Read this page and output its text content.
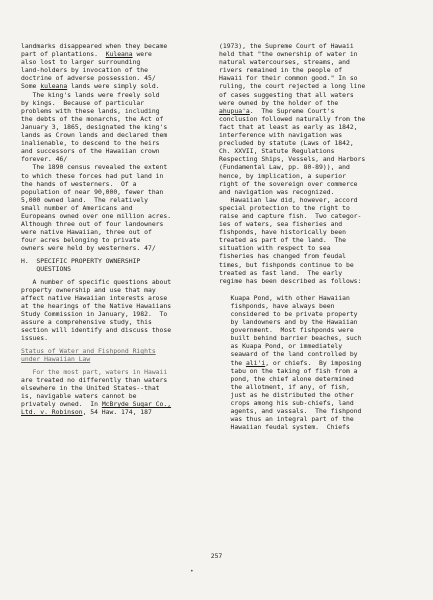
landmarks disappeared when they became
part of plantations.  Kuleana were
also lost to larger surrounding
land-holders by invocation of the
doctrine of adverse possession. 45/
Some kuleana lands were simply sold.
The king's lands were freely sold
by kings.  Because of particular
problems with these lands, including
the debts of the monarchs, the Act of
January 3, 1865, designated the king's
lands as Crown lands and declared them
inalienable, to descend to the heirs
and successors of the Hawaiian crown
forever. 46/
The 1890 census revealed the extent
to which these forces had put land in
the hands of westerners.  Of a
population of near 90,000, fewer than
5,000 owned land.  The relatively
small number of Americans and
Europeans owned over one million acres.
Although three out of four landowners
were native Hawaiian, three out of
four acres belonging to private
owners were held by westerners. 47/
H.  SPECIFIC PROPERTY OWNERSHIP
QUESTIONS
A number of specific questions about
property ownership and use that may
affect native Hawaiian interests arose
at the hearings of the Native Hawaiians
Study Commission in January, 1982.  To
assure a comprehensive study, this
section will identify and discuss those
issues.
Status of Water and Fishpond Rights
under Hawaiian Law
For the most part, waters in Hawaii
are treated no differently than waters
elsewhere in the United States--that
is, navigable waters cannot be
privately owned.  In McBryde Sugar Co.,
Ltd. v. Robinson, 54 Haw. 174, 187
(1973), the Supreme Court of Hawaii
held that "the ownership of water in
natural watercourses, streams, and
rivers remained in the people of
Hawaii for their common good." In so
ruling, the court rejected a long line
of cases suggesting that all waters
were owned by the holder of the
ahupua'a.  The Supreme Court's
conclusion followed naturally from the
fact that at least as early as 1842,
interference with navigation was
precluded by statute (Laws of 1842,
Ch. XXVII, Statute Regulations
Respecting Ships, Vessels, and Harbors
(Fundamental Law, pp. 80-89)), and
hence, by implication, a superior
right of the sovereign over commerce
and navigation was recognized.
Hawaiian law did, however, accord
special protection to the right to
raise and capture fish.  Two categor-
ies of waters, sea fisheries and
fishponds, have historically been
treated as part of the land.  The
situation with respect to sea
fisheries has changed from feudal
times, but fishponds continue to be
treated as fast land.  The early
regime has been described as follows:
Kuapa Pond, with other Hawaiian
fishponds, have always been
considered to be private property
by landowners and by the Hawaiian
government.  Most fishponds were
built behind barrier beaches, such
as Kuapa Pond, or immediately
seaward of the land controlled by
the ali'i, or chiefs.  By imposing
tabu on the taking of fish from a
pond, the chief alone determined
the allotment, if any, of fish,
just as he distributed the other
crops among his sub-chiefs, land
agents, and vassals.  The fishpond
was thus an integral part of the
Hawaiian feudal system.  Chiefs
257
•
